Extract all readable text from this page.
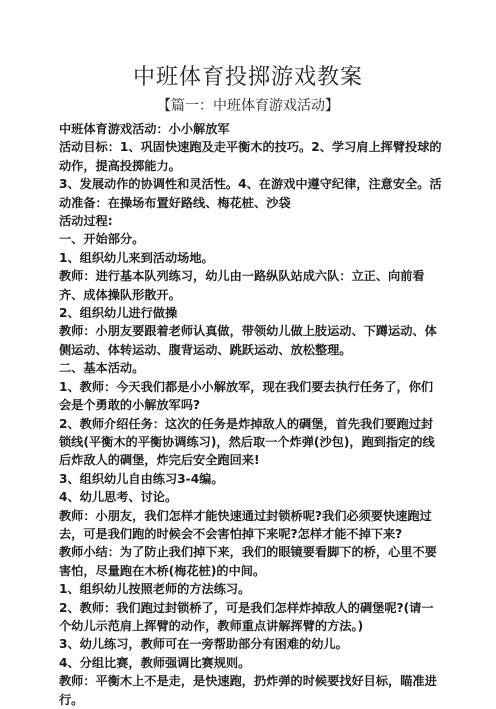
中班体育投掷游戏教案
【篇一：中班体育游戏活动】

中班体育游戏活动：小小解放军

活动目标：1、巩固快速跑及走平衡木的技巧。2、学习肩上挥臂投球的动作，提高投掷能力。

3、发展动作的协调性和灵活性。4、在游戏中遵守纪律，注意安全。活动准备：在操场布置好路线、梅花桩、沙袋

活动过程:

一、开始部分。

1、组织幼儿来到活动场地。

教师：进行基本队列练习，幼儿由一路纵队站成六队：立正、向前看齐、成体操队形散开。

2、组织幼儿进行做操

教师：小朋友要跟着老师认真做，带领幼儿做上肢运动、下蹲运动、体侧运动、体转运动、腹背运动、跳跃运动、放松整理。

二、基本活动。

1、教师：今天我们都是小小解放军，现在我们要去执行任务了，你们会是个勇敢的小解放军吗?

2、教师介绍任务：这次的任务是炸掉敌人的碉堡，首先我们要跑过封锁线(平衡木的平衡协调练习)，然后取一个炸弹(沙包)，跑到指定的线后炸敌人的碉堡，炸完后安全跑回来!

3、组织幼儿自由练习3-4编。

4、幼儿思考、讨论。

教师：小朋友，我们怎样才能快速通过封锁桥呢?我们必须要快速跑过去，可是我们跑的时候会不会害怕掉下来呢?怎样才能不掉下来?

教师小结：为了防止我们掉下来，我们的眼镜要看脚下的桥，心里不要害怕，尽量跑在木桥(梅花桩)的中间。

1、组织幼儿按照老师的方法练习。

2、教师：我们跑过封锁桥了，可是我们怎样炸掉敌人的碉堡呢?(请一个幼儿示范肩上挥臂的动作，教师重点讲解挥臂的方法。)

3、幼儿练习，教师可在一旁帮助部分有困难的幼儿。

4、分组比赛，教师强调比赛规则。

教师：平衡木上不是走，是快速跑，扔炸弹的时候要找好目标，瞄准进行。
